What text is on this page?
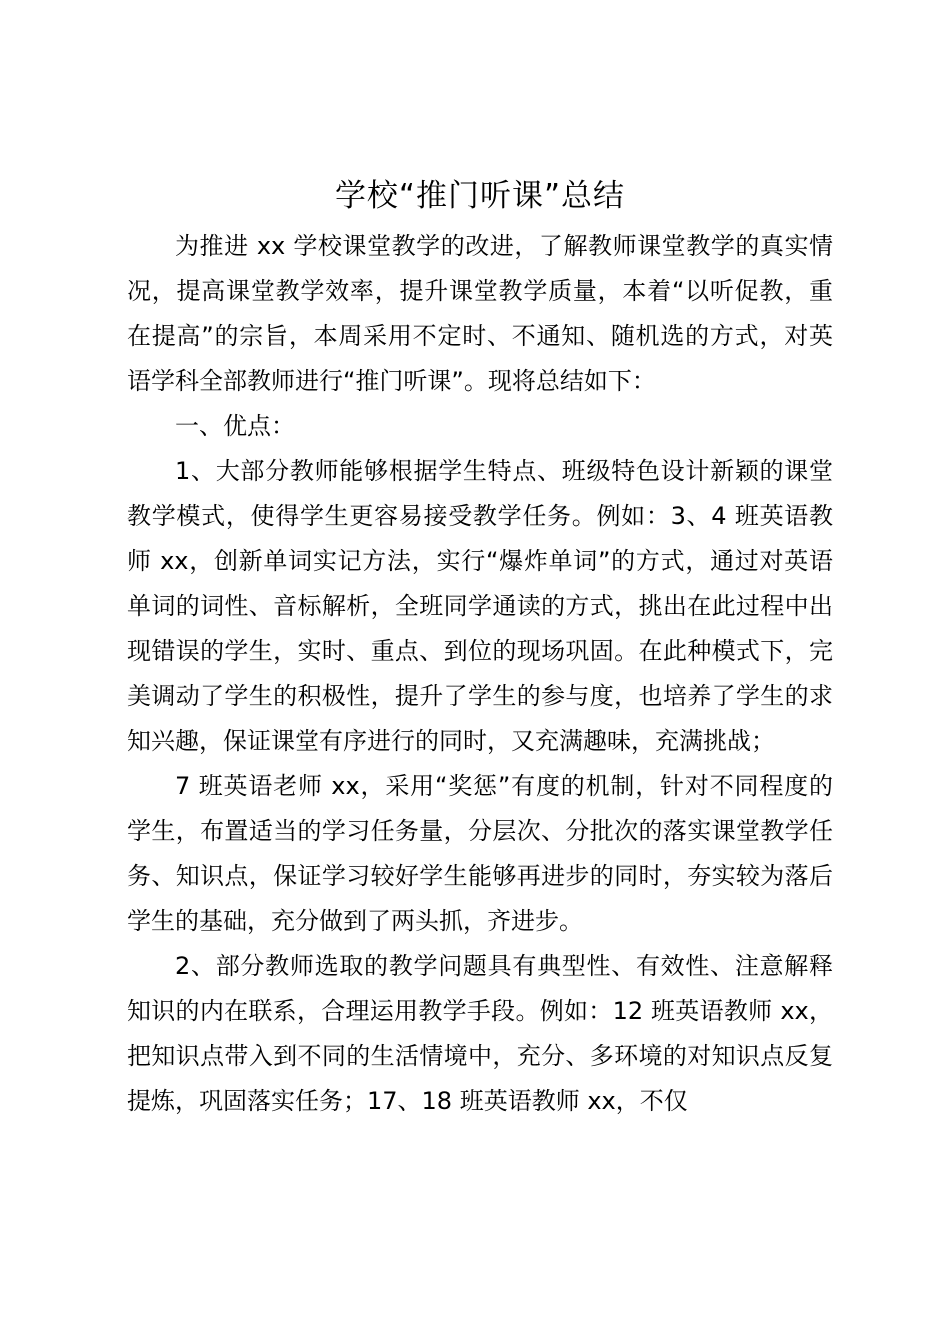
学校“推门听课”总结

为推进 xx 学校课堂教学的改进，了解教师课堂教学的真实情况，提高课堂教学效率，提升课堂教学质量，本着“以听促教，重在提高”的宗旨，本周采用不定时、不通知、随机选的方式，对英语学科全部教师进行“推门听课”。现将总结如下：

一、优点：

1、大部分教师能够根据学生特点、班级特色设计新颖的课堂教学模式，使得学生更容易接受教学任务。例如：3、4 班英语教师 xx，创新单词实记方法，实行“爆炸单词”的方式，通过对英语单词的词性、音标解析，全班同学通读的方式，挑出在此过程中出现错误的学生，实时、重点、到位的现场巩固。在此种模式下，完美调动了学生的积极性，提升了学生的参与度，也培养了学生的求知兴趣，保证课堂有序进行的同时，又充满趣味，充满挑战；

7 班英语老师 xx，采用“奖惩”有度的机制，针对不同程度的学生，布置适当的学习任务量，分层次、分批次的落实课堂教学任务、知识点，保证学习较好学生能够再进步的同时，夯实较为落后学生的基础，充分做到了两头抓，齐进步。

2、部分教师选取的教学问题具有典型性、有效性、注意解释知识的内在联系，合理运用教学手段。例如：12 班英语教师 xx，把知识点带入到不同的生活情境中，充分、多环境的对知识点反复提炼，巩固落实任务；17、18 班英语教师 xx，不仅
